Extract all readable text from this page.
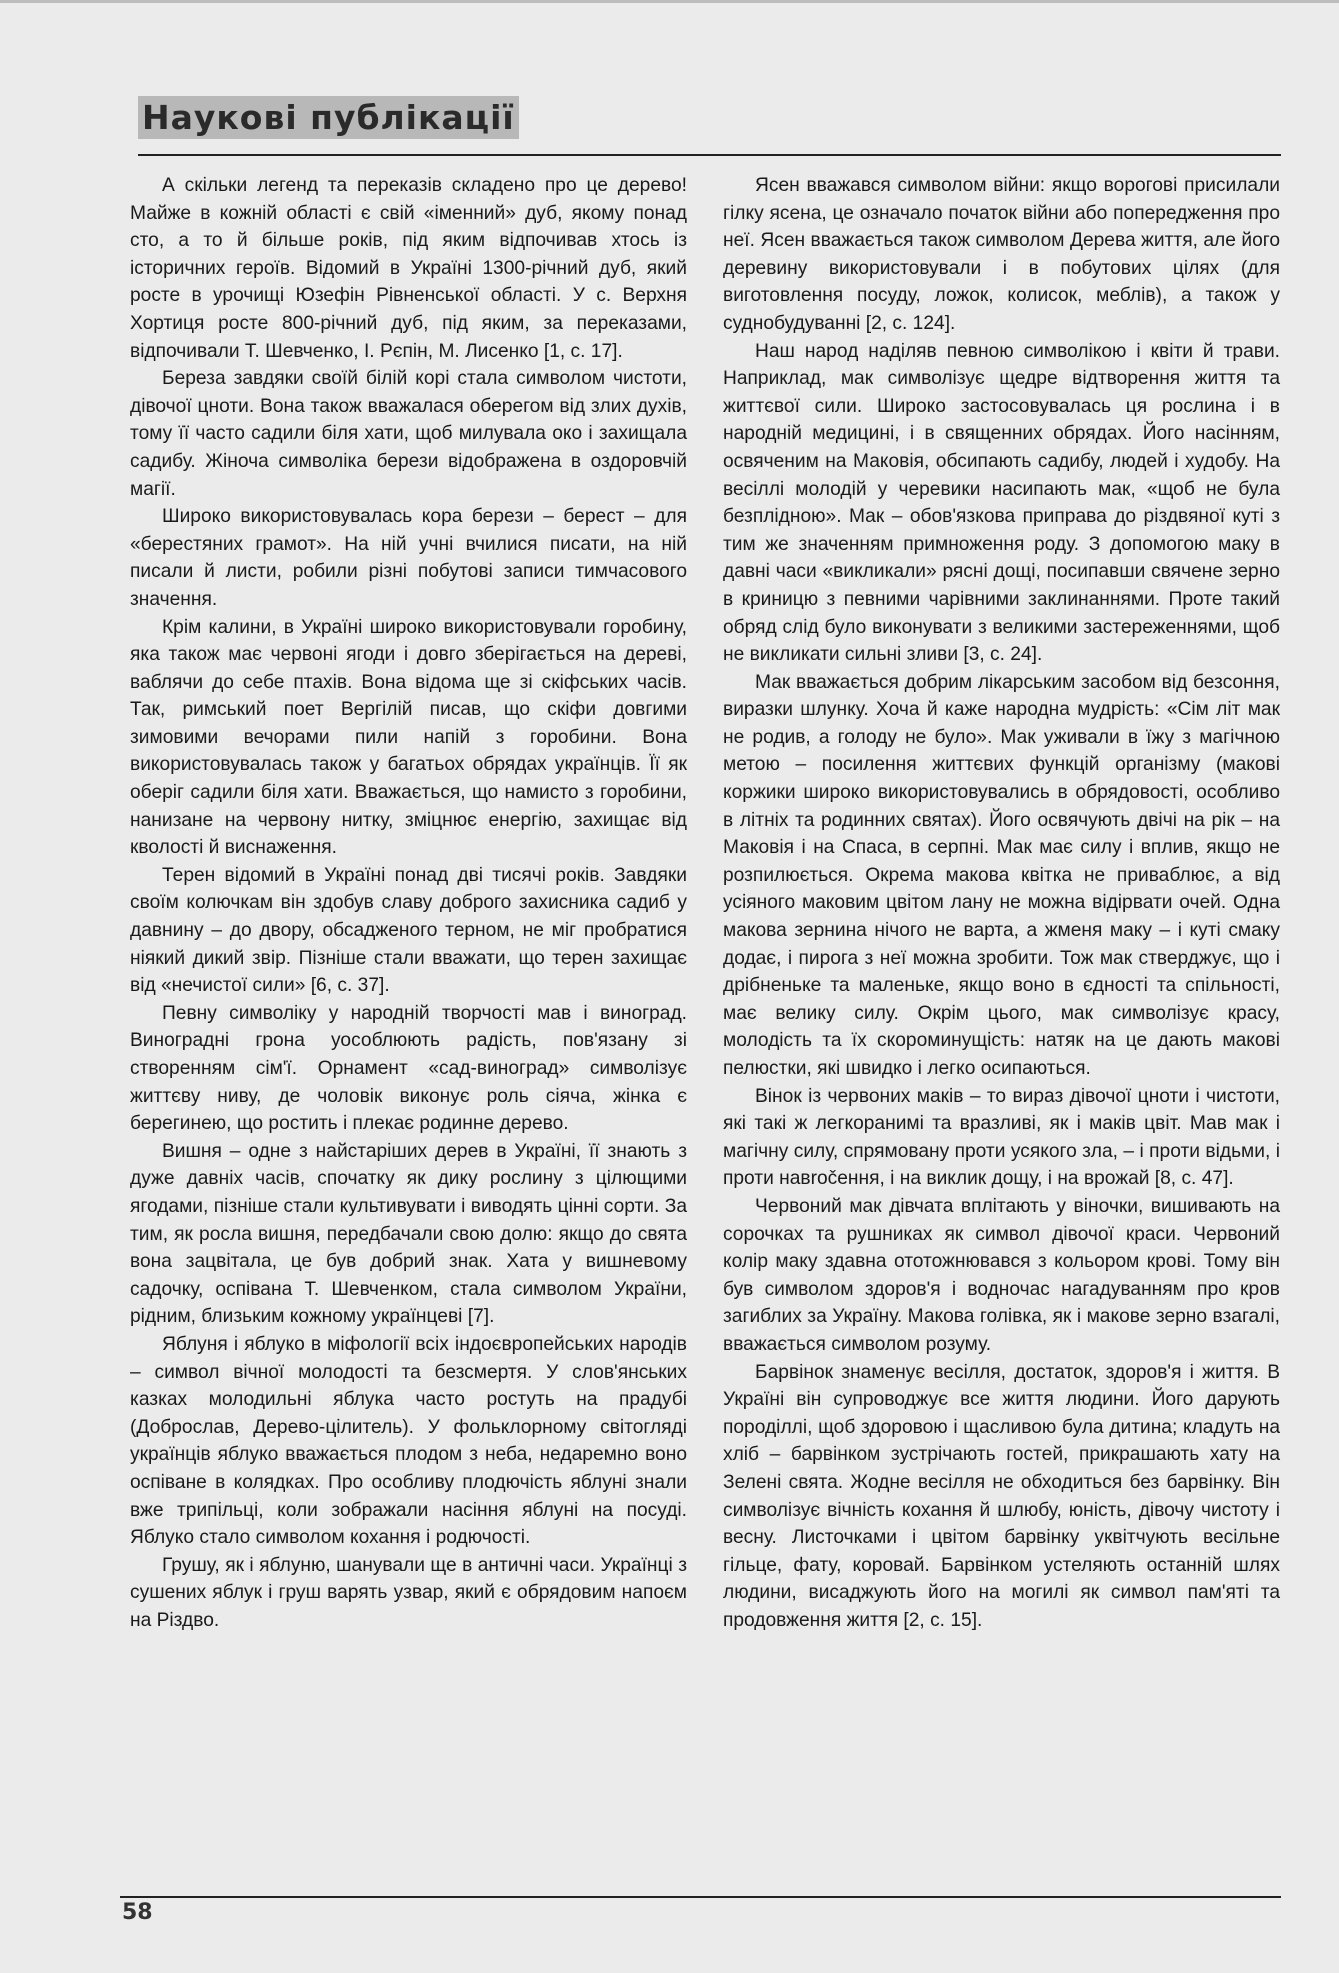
Наукові публікації

А скільки легенд та переказів складено про це дерево! Майже в кожній області є свій «іменний» дуб, якому понад сто, а то й більше років, під яким відпочивав хтось із історичних героїв. Відомий в Україні 1300-річний дуб, який росте в урочищі Юзефін Рівненської області. У с. Верхня Хортиця росте 800-річний дуб, під яким, за переказами, відпочивали Т. Шевченко, І. Рєпін, М. Лисенко [1, с. 17].

Береза завдяки своїй білій корі стала символом чистоти, дівочої цноти. Вона також вважалася оберегом від злих духів, тому її часто садили біля хати, щоб милувала око і захищала садибу. Жіноча символіка берези відображена в оздоровчій магії.

Широко використовувалась кора берези – берест – для «берестяних грамот». На ній учні вчилися писати, на ній писали й листи, робили різні побутові записи тимчасового значення.

Крім калини, в Україні широко використовували горобину, яка також має червоні ягоди і довго зберігається на дереві, ваблячи до себе птахів. Вона відома ще зі скіфських часів. Так, римський поет Вергілій писав, що скіфи довгими зимовими вечорами пили напій з горобини. Вона використовувалась також у багатьох обрядах українців. Її як оберіг садили біля хати. Вважається, що намисто з горобини, нанизане на червону нитку, зміцнює енергію, захищає від кволості й виснаження.

Терен відомий в Україні понад дві тисячі років. Завдяки своїм колючкам він здобув славу доброго захисника садиб у давнину – до двору, обсадженого терном, не міг пробратися ніякий дикий звір. Пізніше стали вважати, що терен захищає від «нечистої сили» [6, с. 37].

Певну символіку у народній творчості мав і виноград. Виноградні грона уособлюють радість, пов'язану зі створенням сім'ї. Орнамент «сад-виноград» символізує життєву ниву, де чоловік виконує роль сіяча, жінка є берегинею, що ростить і плекає родинне дерево.

Вишня – одне з найстаріших дерев в Україні, її знають з дуже давніх часів, спочатку як дику рослину з цілющими ягодами, пізніше стали культивувати і виводять цінні сорти. За тим, як росла вишня, передбачали свою долю: якщо до свята вона зацвітала, це був добрий знак. Хата у вишневому садочку, оспівана Т. Шевченком, стала символом України, рідним, близьким кожному українцеві [7].

Яблуня і яблуко в міфології всіх індоєвропейських народів – символ вічної молодості та безсмертя. У слов'янських казках молодильні яблука часто ростуть на прадубі (Доброслав, Дерево-цілитель). У фольклорному світогляді українців яблуко вважається плодом з неба, недаремно воно оспіване в колядках. Про особливу плодючість яблуні знали вже трипільці, коли зображали насіння яблуні на посуді. Яблуко стало символом кохання і родючості.

Грушу, як і яблуню, шанували ще в античні часи. Українці з сушених яблук і груш варять узвар, який є обрядовим напоєм на Різдво.

Ясен вважався символом війни: якщо ворогові присилали гілку ясена, це означало початок війни або попередження про неї. Ясен вважається також символом Дерева життя, але його деревину використовували і в побутових цілях (для виготовлення посуду, ложок, колисок, меблів), а також у суднобудуванні [2, с. 124].

Наш народ наділяв певною символікою і квіти й трави. Наприклад, мак символізує щедре відтворення життя та життєвої сили. Широко застосовувалась ця рослина і в народній медицині, і в священних обрядах. Його насінням, освяченим на Маковія, обсипають садибу, людей і худобу. На весіллі молодій у черевики насипають мак, «щоб не була безплідною». Мак – обов'язкова приправа до різдвяної куті з тим же значенням примноження роду. З допомогою маку в давні часи «викликали» рясні дощі, посипавши свячене зерно в криницю з певними чарівними заклинаннями. Проте такий обряд слід було виконувати з великими застереженнями, щоб не викликати сильні зливи [3, с. 24].

Мак вважається добрим лікарським засобом від безсоння, виразки шлунку. Хоча й каже народна мудрість: «Сім літ мак не родив, а голоду не було». Мак уживали в їжу з магічною метою – посилення життєвих функцій організму (макові коржики широко використовувались в обрядовості, особливо в літніх та родинних святах). Його освячують двічі на рік – на Маковія і на Спаса, в серпні. Мак має силу і вплив, якщо не розпилюється. Окрема макова квітка не приваблює, а від усіяного маковим цвітом лану не можна відірвати очей. Одна макова зернина нічого не варта, а жменя маку – і куті смаку додає, і пирога з неї можна зробити. Тож мак стверджує, що і дрібненьке та маленьке, якщо воно в єдності та спільності, має велику силу. Окрім цього, мак символізує красу, молодість та їх скороминущість: натяк на це дають макові пелюстки, які швидко і легко осипаються.

Вінок із червоних маків – то вираз дівочої цноти і чистоти, які такі ж легкоранимі та вразливі, як і маків цвіт. Мав мак і магічну силу, спрямовану проти усякого зла, – і проти відьми, і проти навročення, і на виклик дощу, і на врожай [8, с. 47].

Червоний мак дівчата вплітають у віночки, вишивають на сорочках та рушниках як символ дівочої краси. Червоний колір маку здавна ототожнювався з кольором крові. Тому він був символом здоров'я і водночас нагадуванням про кров загиблих за Україну. Макова голівка, як і макове зерно взагалі, вважається символом розуму.

Барвінок знаменує весілля, достаток, здоров'я і життя. В Україні він супроводжує все життя людини. Його дарують породіллі, щоб здоровою і щасливою була дитина; кладуть на хліб – барвінком зустрічають гостей, прикрашають хату на Зелені свята. Жодне весілля не обходиться без барвінку. Він символізує вічність кохання й шлюбу, юність, дівочу чистоту і весну. Листочками і цвітом барвінку уквітчують весільне гільце, фату, коровай. Барвінком устеляють останній шлях людини, висаджують його на могилі як символ пам'яті та продовження життя [2, с. 15].

58
